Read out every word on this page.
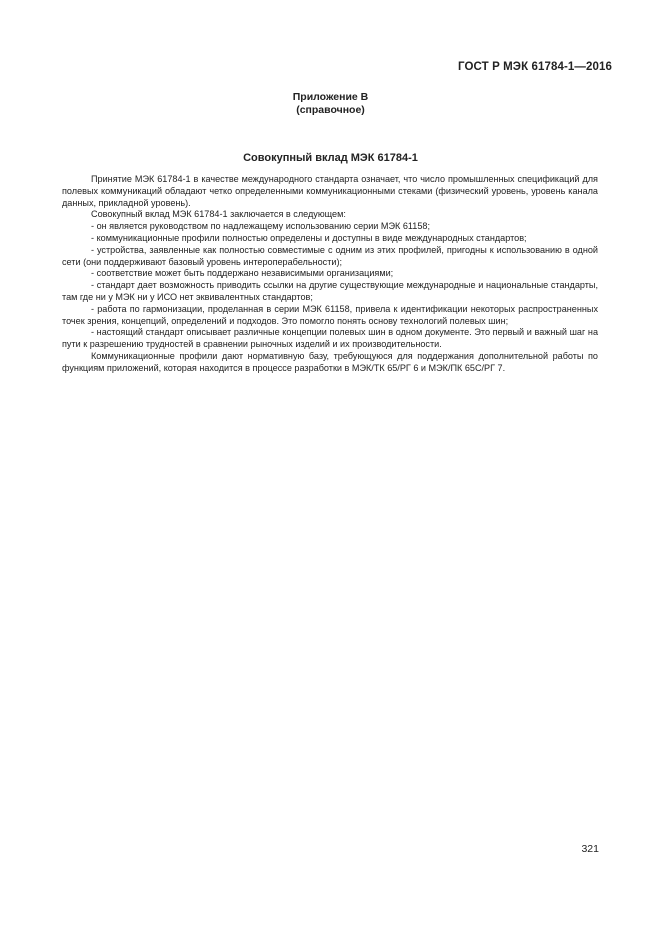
ГОСТ Р МЭК 61784-1—2016
Приложение В
(справочное)
Совокупный вклад МЭК 61784-1

Принятие МЭК 61784-1 в качестве международного стандарта означает, что число промышленных спецификаций для полевых коммуникаций обладают четко определенными коммуникационными стеками (физический уровень, уровень канала данных, прикладной уровень).

Совокупный вклад МЭК 61784-1 заключается в следующем:

- он является руководством по надлежащему использованию серии МЭК 61158;

- коммуникационные профили полностью определены и доступны в виде международных стандартов;

- устройства, заявленные как полностью совместимые с одним из этих профилей, пригодны к использованию в одной сети (они поддерживают базовый уровень интероперабельности);

- соответствие может быть поддержано независимыми организациями;

- стандарт дает возможность приводить ссылки на другие существующие международные и национальные стандарты, там где ни у МЭК ни у ИСО нет эквивалентных стандартов;

- работа по гармонизации, проделанная в серии МЭК 61158, привела к идентификации некоторых распространенных точек зрения, концепций, определений и подходов. Это помогло понять основу технологий полевых шин;

- настоящий стандарт описывает различные концепции полевых шин в одном документе. Это первый и важный шаг на пути к разрешению трудностей в сравнении рыночных изделий и их производительности.

Коммуникационные профили дают нормативную базу, требующуюся для поддержания дополнительной работы по функциям приложений, которая находится в процессе разработки в МЭК/ТК 65/РГ 6 и МЭК/ПК 65С/РГ 7.

321
